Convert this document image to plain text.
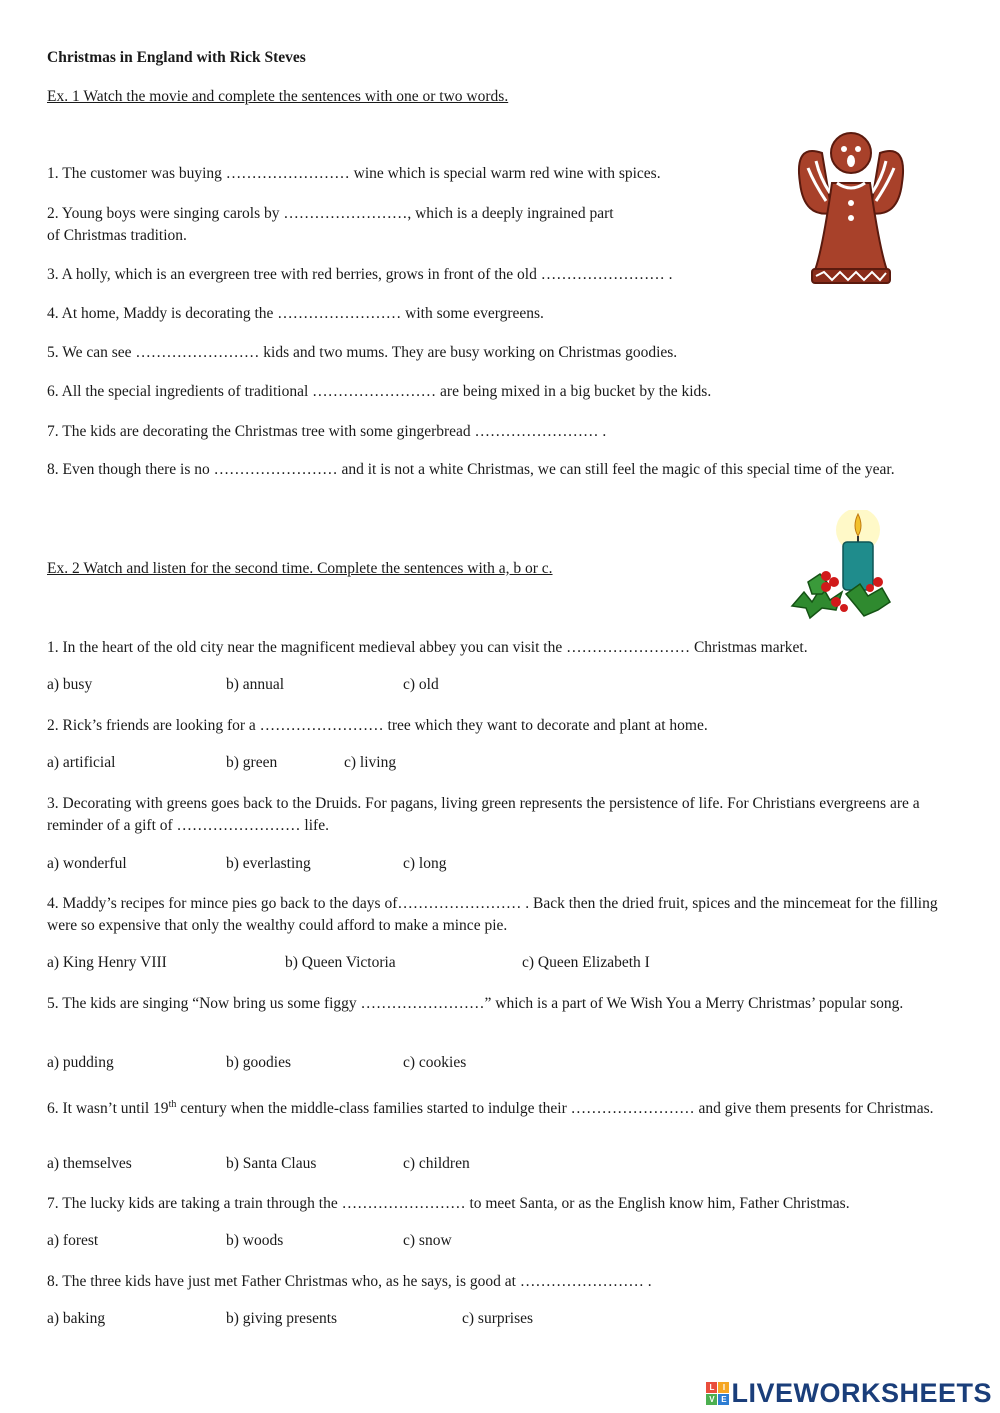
Christmas in England with Rick Steves
Ex. 1 Watch the movie and complete the sentences with one or two words.
1. The customer was buying …………………… wine which is special warm red wine with spices.
2. Young boys were singing carols by ……………………, which is a deeply ingrained part
of Christmas tradition.
3. A holly, which is an evergreen tree with red berries, grows in front of the old …………………… .
4. At home, Maddy is decorating the …………………… with some evergreens.
5. We can see …………………… kids and two mums. They are busy working on Christmas goodies.
6. All the special ingredients of traditional …………………… are being mixed in a big bucket by the kids.
7. The kids are decorating the Christmas tree with some gingerbread …………………… .
8. Even though there is no …………………… and it is not a white Christmas, we can still feel the magic of this special time of the year.
Ex. 2 Watch and listen for the second time. Complete the sentences with a, b or c.
1. In the heart of the old city near the magnificent medieval abbey you can visit the …………………… Christmas market.
a) busy	b) annual	c) old
2. Rick’s friends are looking for a …………………… tree which they want to decorate and plant at home.
a) artificial	b) green	c) living
3. Decorating with greens goes back to the Druids. For pagans, living green represents the persistence of life. For Christians evergreens are a reminder of a gift of …………………… life.
a) wonderful	b) everlasting	c) long
4. Maddy’s recipes for mince pies go back to the days of…………………… . Back then the dried fruit, spices and the mincemeat for the filling were so expensive that only the wealthy could afford to make a mince pie.
a) King Henry VIII	b) Queen Victoria	c) Queen Elizabeth I
5. The kids are singing “Now bring us some figgy ……………………” which is a part of We Wish You a Merry Christmas’ popular song.
a) pudding	b) goodies	c) cookies
6. It wasn’t until 19th century when the middle-class families started to indulge their …………………… and give them presents for Christmas.
a) themselves	b) Santa Claus	c) children
7. The lucky kids are taking a train through the …………………… to meet Santa, or as the English know him, Father Christmas.
a) forest	b) woods	c) snow
8. The three kids have just met Father Christmas who, as he says, is good at …………………… .
a) baking	b) giving presents	c) surprises
L	I
V E LIVEWORKSHEETS
